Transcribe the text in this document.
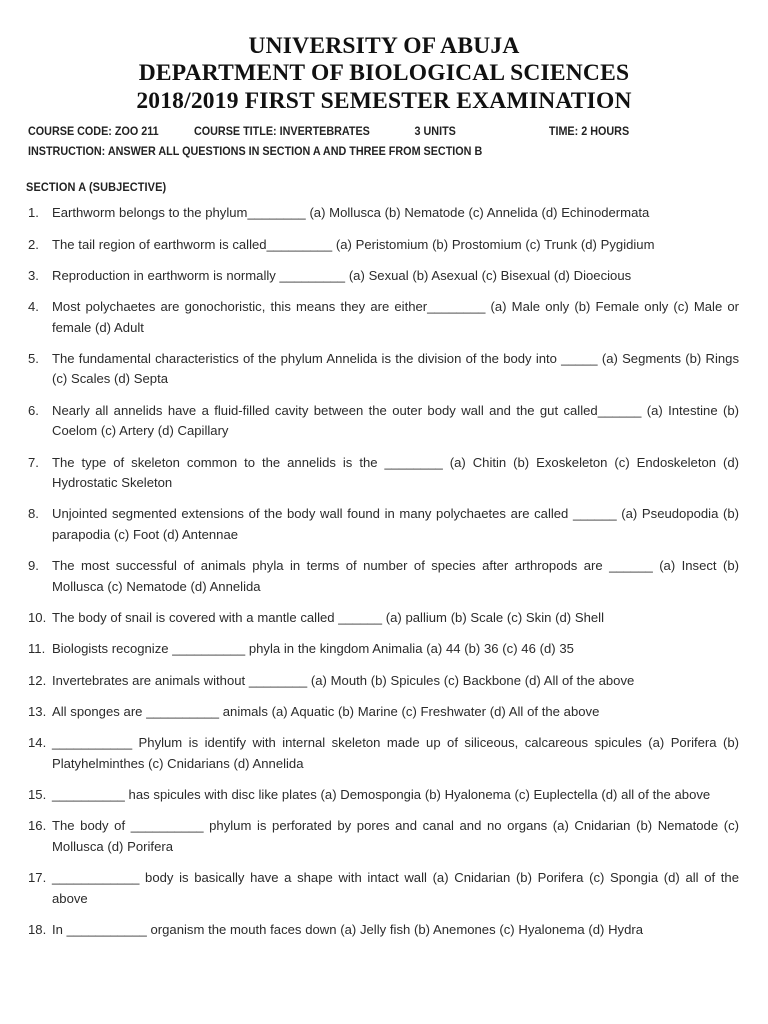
UNIVERSITY OF ABUJA
DEPARTMENT OF BIOLOGICAL SCIENCES
2018/2019 FIRST SEMESTER EXAMINATION
COURSE CODE: ZOO 211	COURSE TITLE: INVERTEBRATES	3 UNITS	TIME: 2 HOURS
INSTRUCTION: ANSWER ALL QUESTIONS IN SECTION A AND THREE FROM SECTION B
SECTION A (SUBJECTIVE)
1. Earthworm belongs to the phylum________ (a) Mollusca (b) Nematode (c) Annelida (d) Echinodermata
2. The tail region of earthworm is called_________ (a) Peristomium (b) Prostomium (c) Trunk (d) Pygidium
3. Reproduction in earthworm is normally _________ (a) Sexual (b) Asexual (c) Bisexual (d) Dioecious
4. Most polychaetes are gonochoristic, this means they are either________ (a) Male only (b) Female only (c) Male or female (d) Adult
5. The fundamental characteristics of the phylum Annelida is the division of the body into _____ (a) Segments (b) Rings (c) Scales (d) Septa
6. Nearly all annelids have a fluid-filled cavity between the outer body wall and the gut called______ (a) Intestine (b) Coelom (c) Artery (d) Capillary
7. The type of skeleton common to the annelids is the ________ (a) Chitin (b) Exoskeleton (c) Endoskeleton (d) Hydrostatic Skeleton
8. Unjointed segmented extensions of the body wall found in many polychaetes are called ______ (a) Pseudopodia (b) parapodia (c) Foot (d) Antennae
9. The most successful of animals phyla in terms of number of species after arthropods are ______ (a) Insect (b) Mollusca (c) Nematode (d) Annelida
10. The body of snail is covered with a mantle called ______ (a) pallium (b) Scale (c) Skin (d) Shell
11. Biologists recognize __________ phyla in the kingdom Animalia (a) 44 (b) 36 (c) 46 (d) 35
12. Invertebrates are animals without ________ (a) Mouth (b) Spicules (c) Backbone (d) All of the above
13. All sponges are __________ animals (a) Aquatic (b) Marine (c) Freshwater (d) All of the above
14. ___________ Phylum is identify with internal skeleton made up of siliceous, calcareous spicules (a) Porifera (b) Platyhelminthes (c) Cnidarians (d) Annelida
15. __________ has spicules with disc like plates (a) Demospongia (b) Hyalonema (c) Euplectella (d) all of the above
16. The body of __________ phylum is perforated by pores and canal and no organs (a) Cnidarian (b) Nematode (c) Mollusca (d) Porifera
17. ____________ body is basically have a shape with intact wall (a) Cnidarian (b) Porifera (c) Spongia (d) all of the above
18. In ___________ organism the mouth faces down (a) Jelly fish (b) Anemones (c) Hyalonema (d) Hydra
